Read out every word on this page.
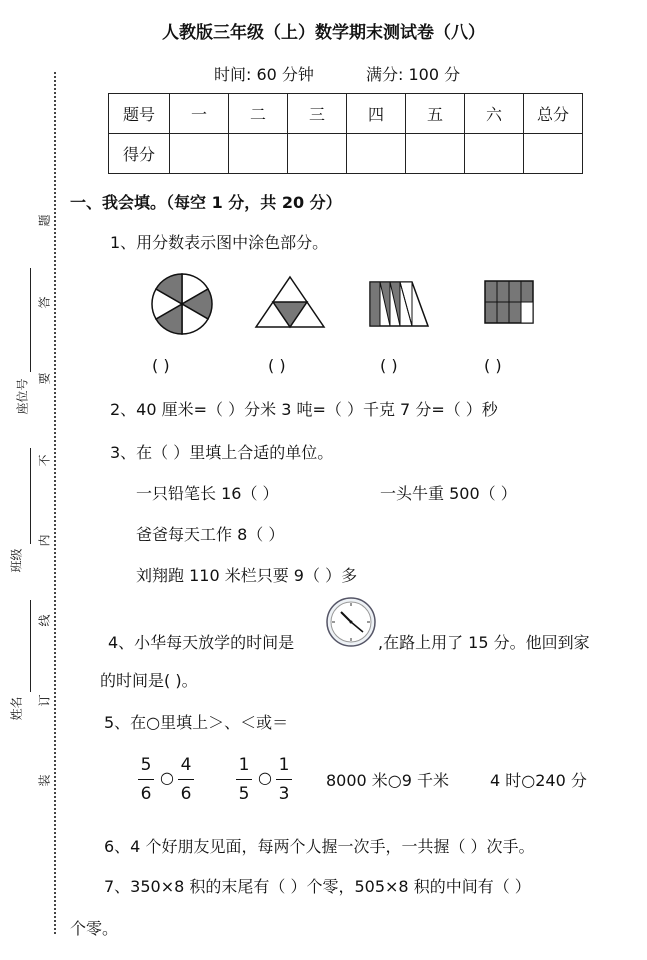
人教版三年级（上）数学期末测试卷（八）
时间: 60 分钟	满分: 100 分
题号	一	二	三	四	五	六	总分
得分							
题
答
要
不
内
线
订
装
座位号
班级
姓名
一、我会填。（每空 1 分，共 20 分）
1、用分数表示图中涂色部分。
( )	( )	( )	( )
2、40 厘米=（ ）分米 3 吨=（ ）千克 7 分=（ ）秒
3、在（ ）里填上合适的单位。
一只铅笔长 16（ ）	一头牛重 500（ ）
爸爸每天工作 8（ ）
刘翔跑 110 米栏只要 9（ ）多
4、小华每天放学的时间是	,在路上用了 15 分。他回到家
的时间是( )。
5、在○里填上＞、＜或＝
5
6
○
4
6
1
5
○
1
3
8000 米○9 千米	4 时○240 分
6、4 个好朋友见面，每两个人握一次手，一共握（ ）次手。
7、350×8 积的末尾有（ ）个零，505×8 积的中间有（ ）
个零。
